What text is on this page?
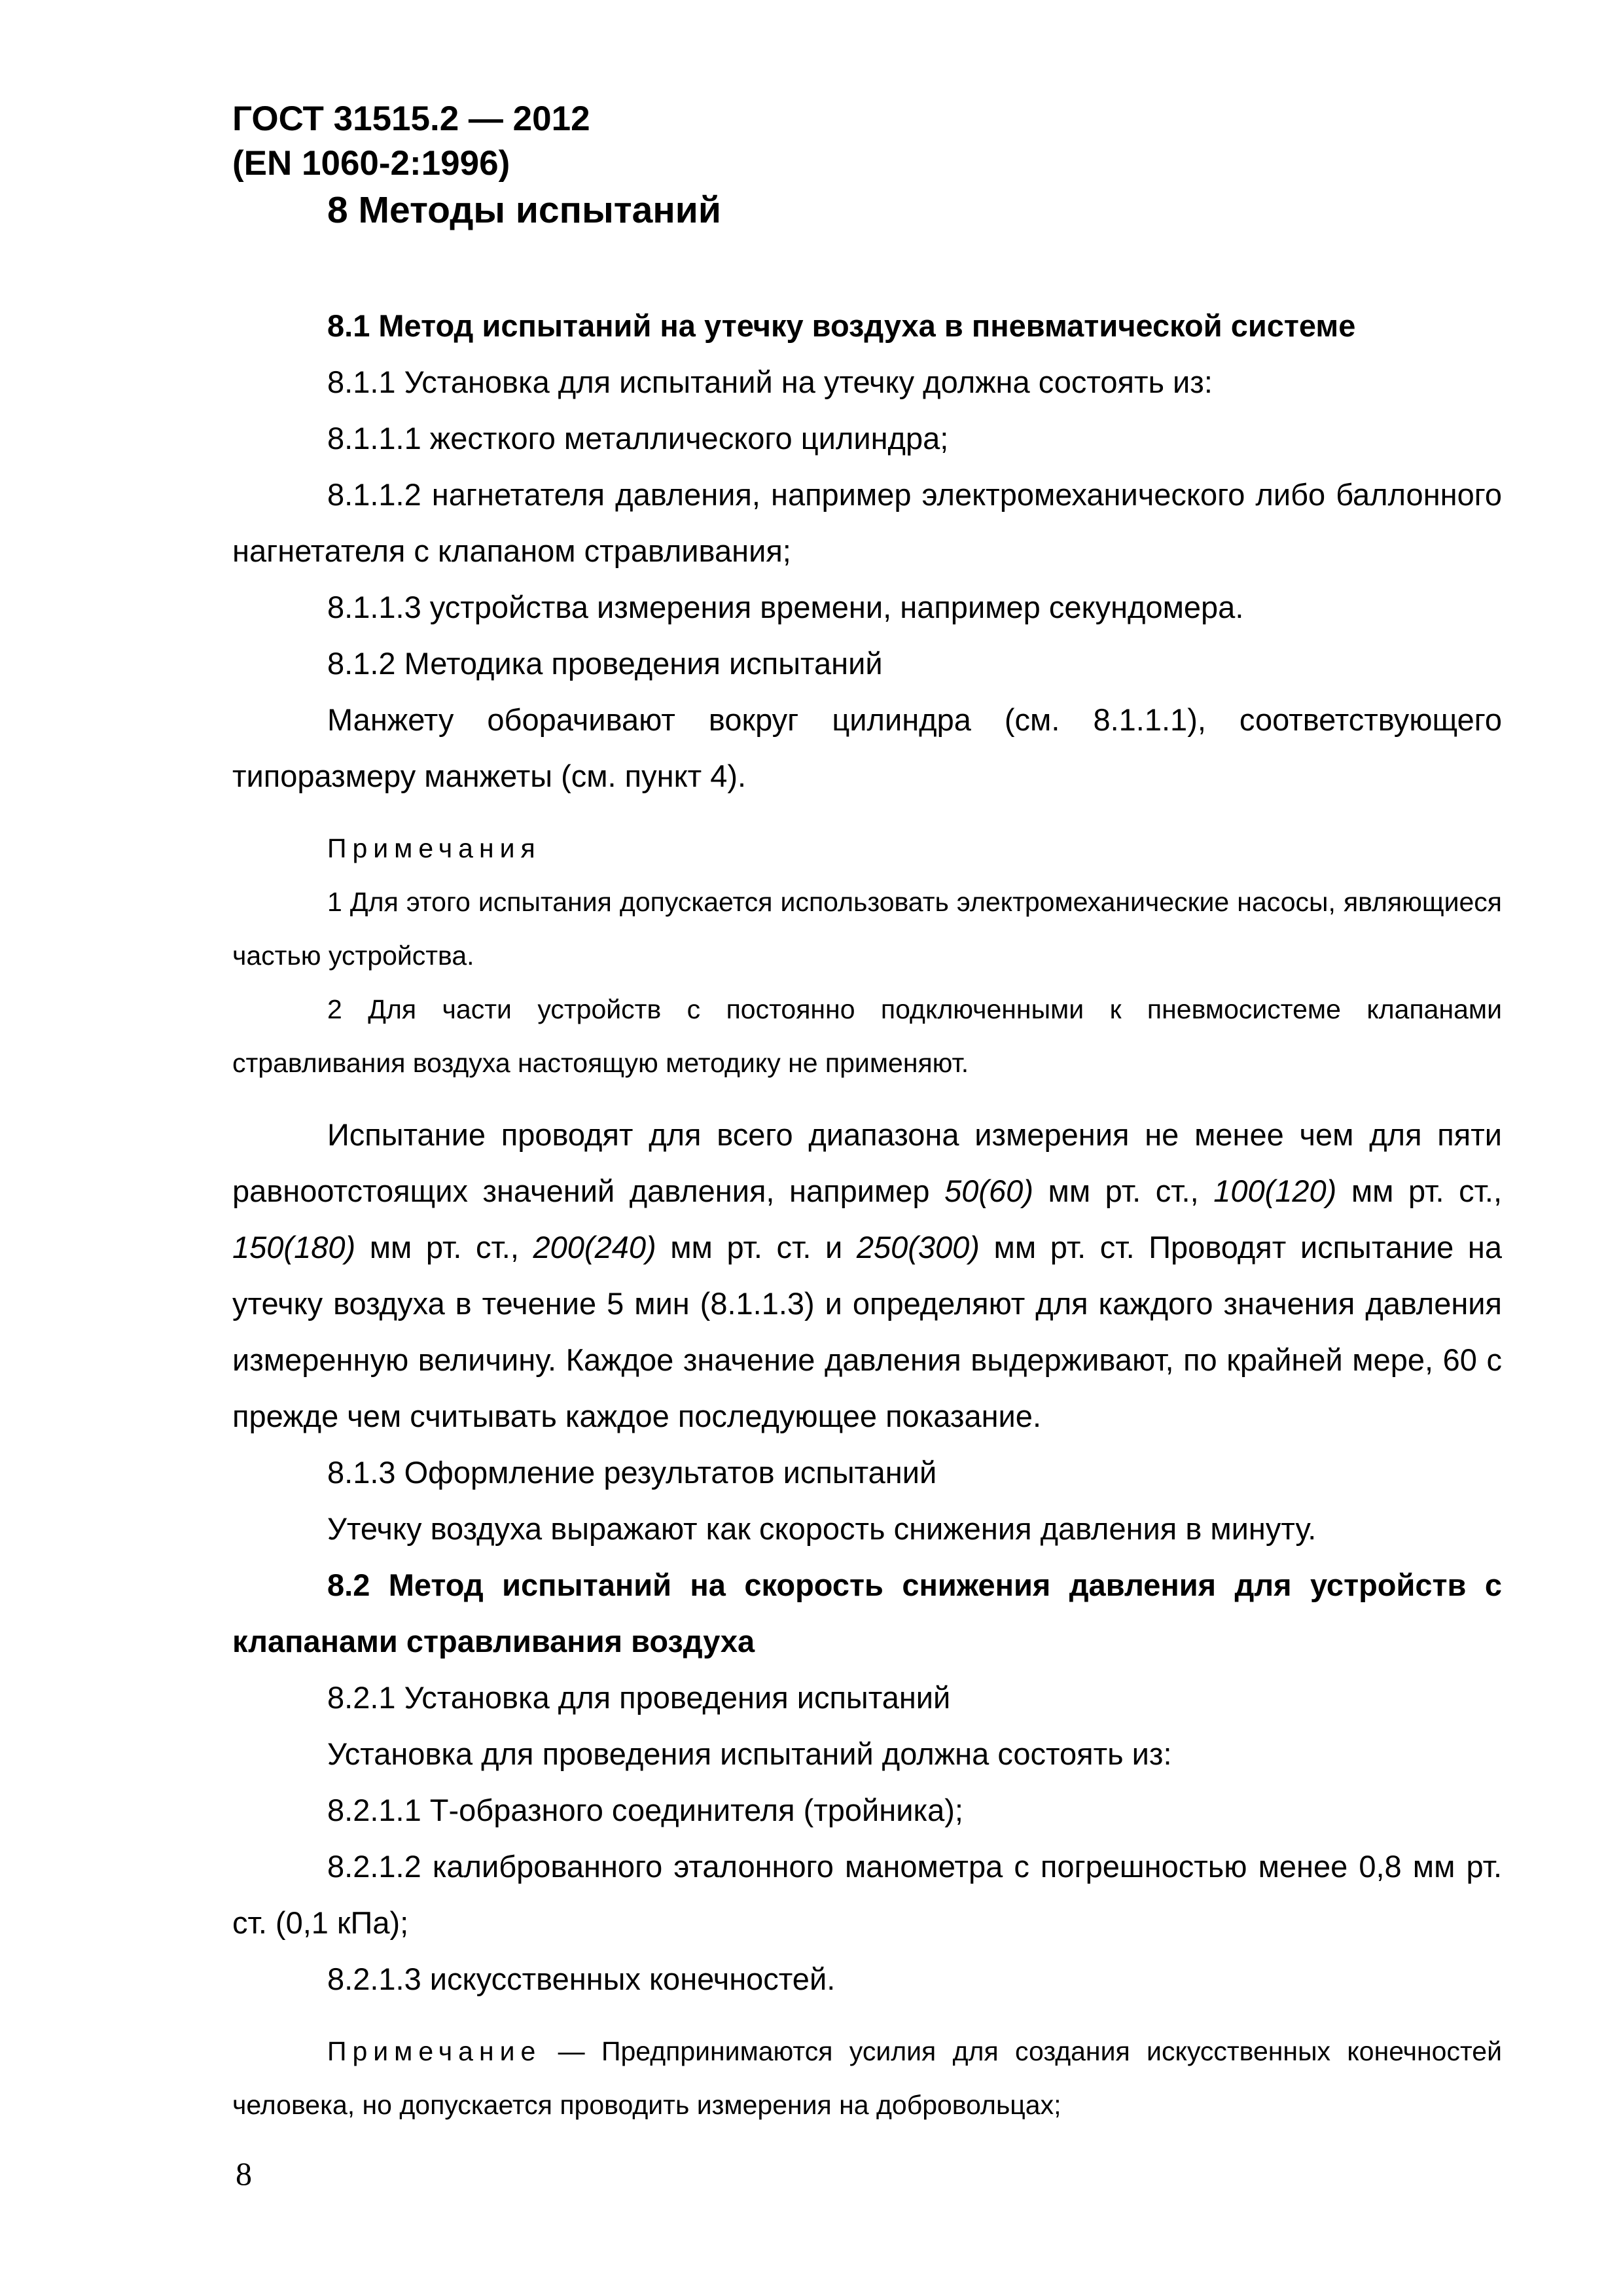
ГОСТ 31515.2 — 2012
(EN 1060-2:1996)
8 Методы испытаний

8.1 Метод испытаний на утечку воздуха в пневматической системе

8.1.1 Установка для испытаний на утечку должна состоять из:

8.1.1.1 жесткого металлического цилиндра;

8.1.1.2 нагнетателя давления, например электромеханического либо баллонного нагнетателя с клапаном стравливания;

8.1.1.3 устройства измерения времени, например секундомера.

8.1.2 Методика проведения испытаний

Манжету оборачивают вокруг цилиндра (см. 8.1.1.1), соответствующего типоразмеру манжеты (см. пункт 4).

Примечания

1 Для этого испытания допускается использовать электромеханические насосы, являющиеся частью устройства.

2 Для части устройств с постоянно подключенными к пневмосистеме клапанами стравливания воздуха настоящую методику не применяют.

Испытание проводят для всего диапазона измерения не менее чем для пяти равноотстоящих значений давления, например 50(60) мм рт. ст., 100(120) мм рт. ст., 150(180) мм рт. ст., 200(240) мм рт. ст. и 250(300) мм рт. ст. Проводят испытание на утечку воздуха в течение 5 мин (8.1.1.3) и определяют для каждого значения давления измеренную величину. Каждое значение давления выдерживают, по крайней мере, 60 с прежде чем считывать каждое последующее показание.

8.1.3 Оформление результатов испытаний

Утечку воздуха выражают как скорость снижения давления в минуту.

8.2 Метод испытаний на скорость снижения давления для устройств с клапанами стравливания воздуха

8.2.1 Установка для проведения испытаний

Установка для проведения испытаний должна состоять из:

8.2.1.1 Т-образного соединителя (тройника);

8.2.1.2 калиброванного эталонного манометра с погрешностью менее 0,8 мм рт. ст. (0,1 кПа);

8.2.1.3 искусственных конечностей.

Примечание — Предпринимаются усилия для создания искусственных конечностей человека, но допускается проводить измерения на добровольцах;

8
